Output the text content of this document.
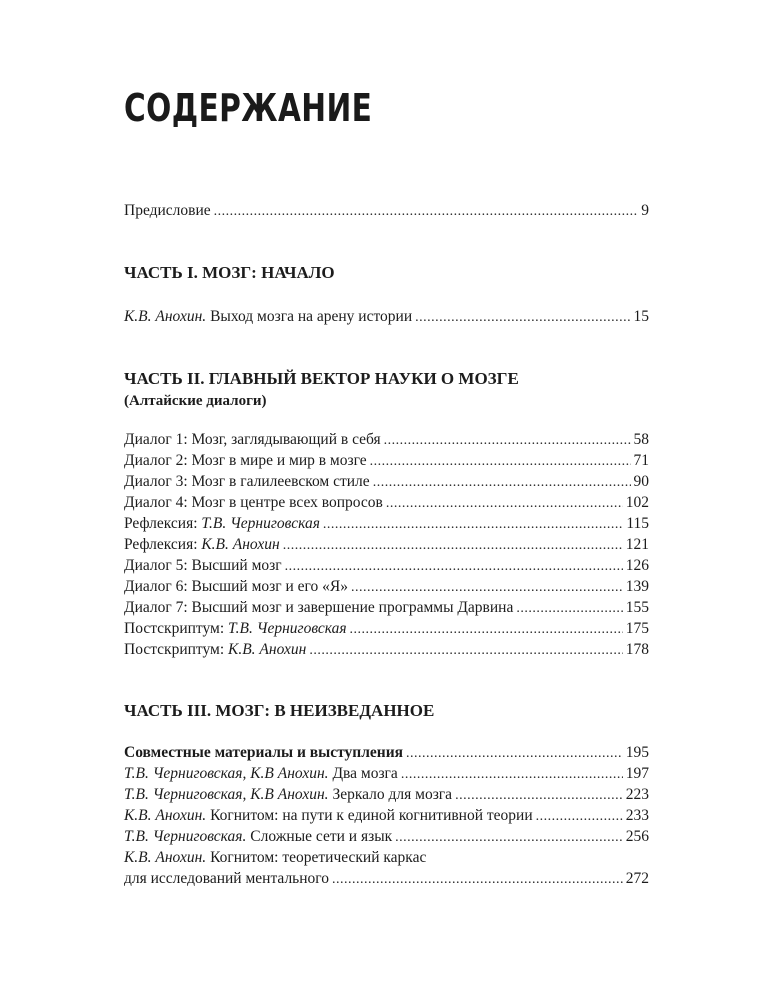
СОДЕРЖАНИЕ
Предисловие .....	9
ЧАСТЬ I. МОЗГ: НАЧАЛО
К.В. Анохин. Выход мозга на арену истории .....	15
ЧАСТЬ II. ГЛАВНЫЙ ВЕКТОР НАУКИ О МОЗГЕ
(Алтайские диалоги)
Диалог 1: Мозг, заглядывающий в себя .....	58
Диалог 2: Мозг в мире и мир в мозге .....	71
Диалог 3: Мозг в галилеевском стиле .....	90
Диалог 4: Мозг в центре всех вопросов .....	102
Рефлексия: Т.В. Черниговская .....	115
Рефлексия: К.В. Анохин .....	121
Диалог 5: Высший мозг .....	126
Диалог 6: Высший мозг и его «Я» .....	139
Диалог 7: Высший мозг и завершение программы Дарвина .....	155
Постскриптум: Т.В. Черниговская .....	175
Постскриптум: К.В. Анохин .....	178
ЧАСТЬ III. МОЗГ: В НЕИЗВЕДАННОЕ
Совместные материалы и выступления .....	195
Т.В. Черниговская, К.В Анохин. Два мозга .....	197
Т.В. Черниговская, К.В Анохин. Зеркало для мозга .....	223
К.В. Анохин. Когнитом: на пути к единой когнитивной теории .....	233
Т.В. Черниговская. Сложные сети и язык .....	256
К.В. Анохин. Когнитом: теоретический каркас
для исследований ментального .....	272
